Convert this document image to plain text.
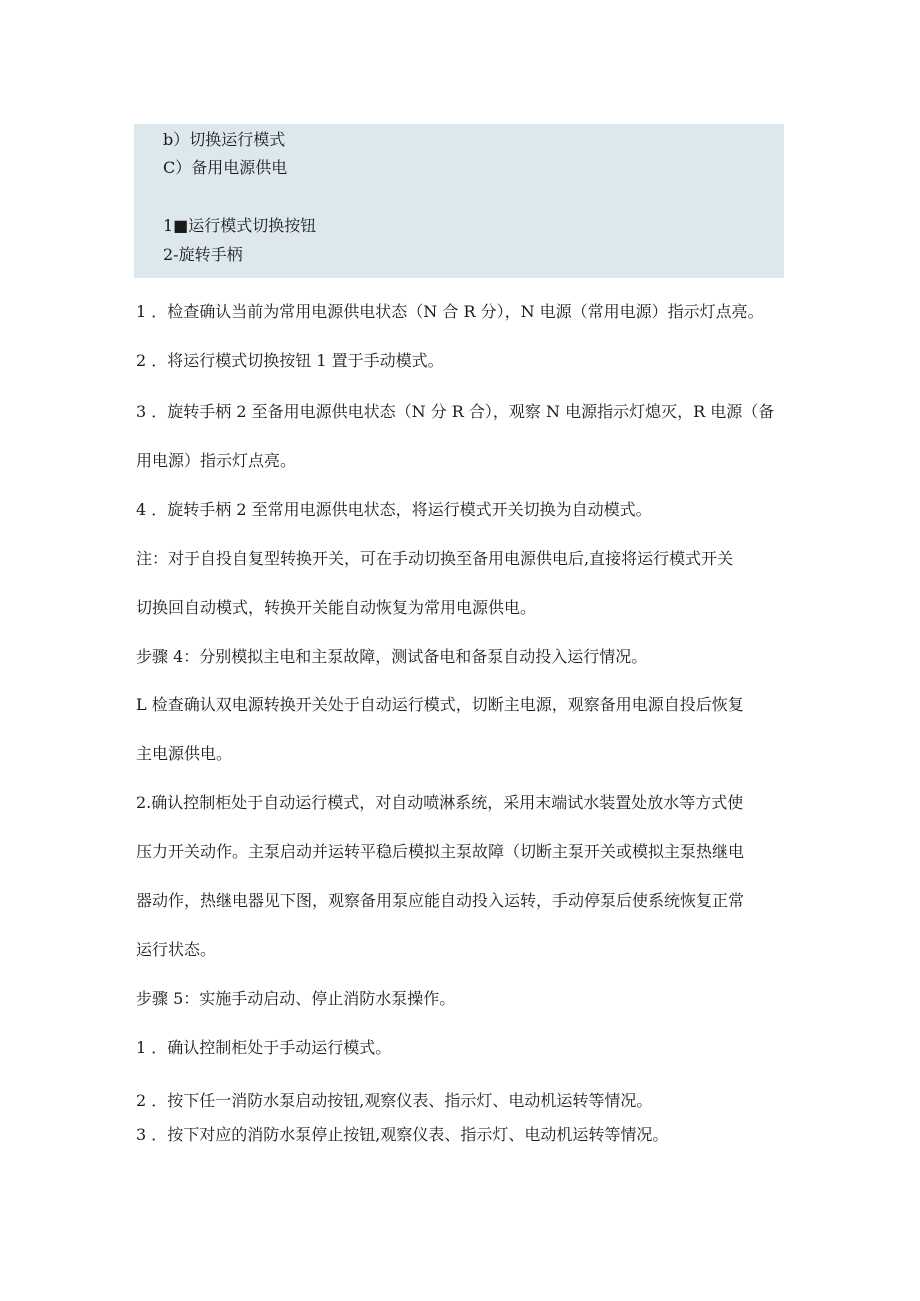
b）切换运行模式
C）备用电源供电
1■运行模式切换按钮
2-旋转手柄
1 ．检查确认当前为常用电源供电状态（N 合 R 分），N 电源（常用电源）指示灯点亮。
2 ．将运行模式切换按钮 1 置于手动模式。
3 ．旋转手柄 2 至备用电源供电状态（N 分 R 合），观察 N 电源指示灯熄灭，R 电源（备
用电源）指示灯点亮。
4 ．旋转手柄 2 至常用电源供电状态，将运行模式开关切换为自动模式。
注：对于自投自复型转换开关，可在手动切换至备用电源供电后,直接将运行模式开关
切换回自动模式，转换开关能自动恢复为常用电源供电。
步骤 4：分别模拟主电和主泵故障，测试备电和备泵自动投入运行情况。
L 检查确认双电源转换开关处于自动运行模式，切断主电源，观察备用电源自投后恢复
主电源供电。
2.确认控制柜处于自动运行模式，对自动喷淋系统，采用末端试水装置处放水等方式使
压力开关动作。主泵启动并运转平稳后模拟主泵故障（切断主泵开关或模拟主泵热继电
器动作，热继电器见下图，观察备用泵应能自动投入运转，手动停泵后使系统恢复正常
运行状态。
步骤 5：实施手动启动、停止消防水泵操作。
1 ．确认控制柜处于手动运行模式。
2 ．按下任一消防水泵启动按钮,观察仪表、指示灯、电动机运转等情况。
3 ．按下对应的消防水泵停止按钮,观察仪表、指示灯、电动机运转等情况。
